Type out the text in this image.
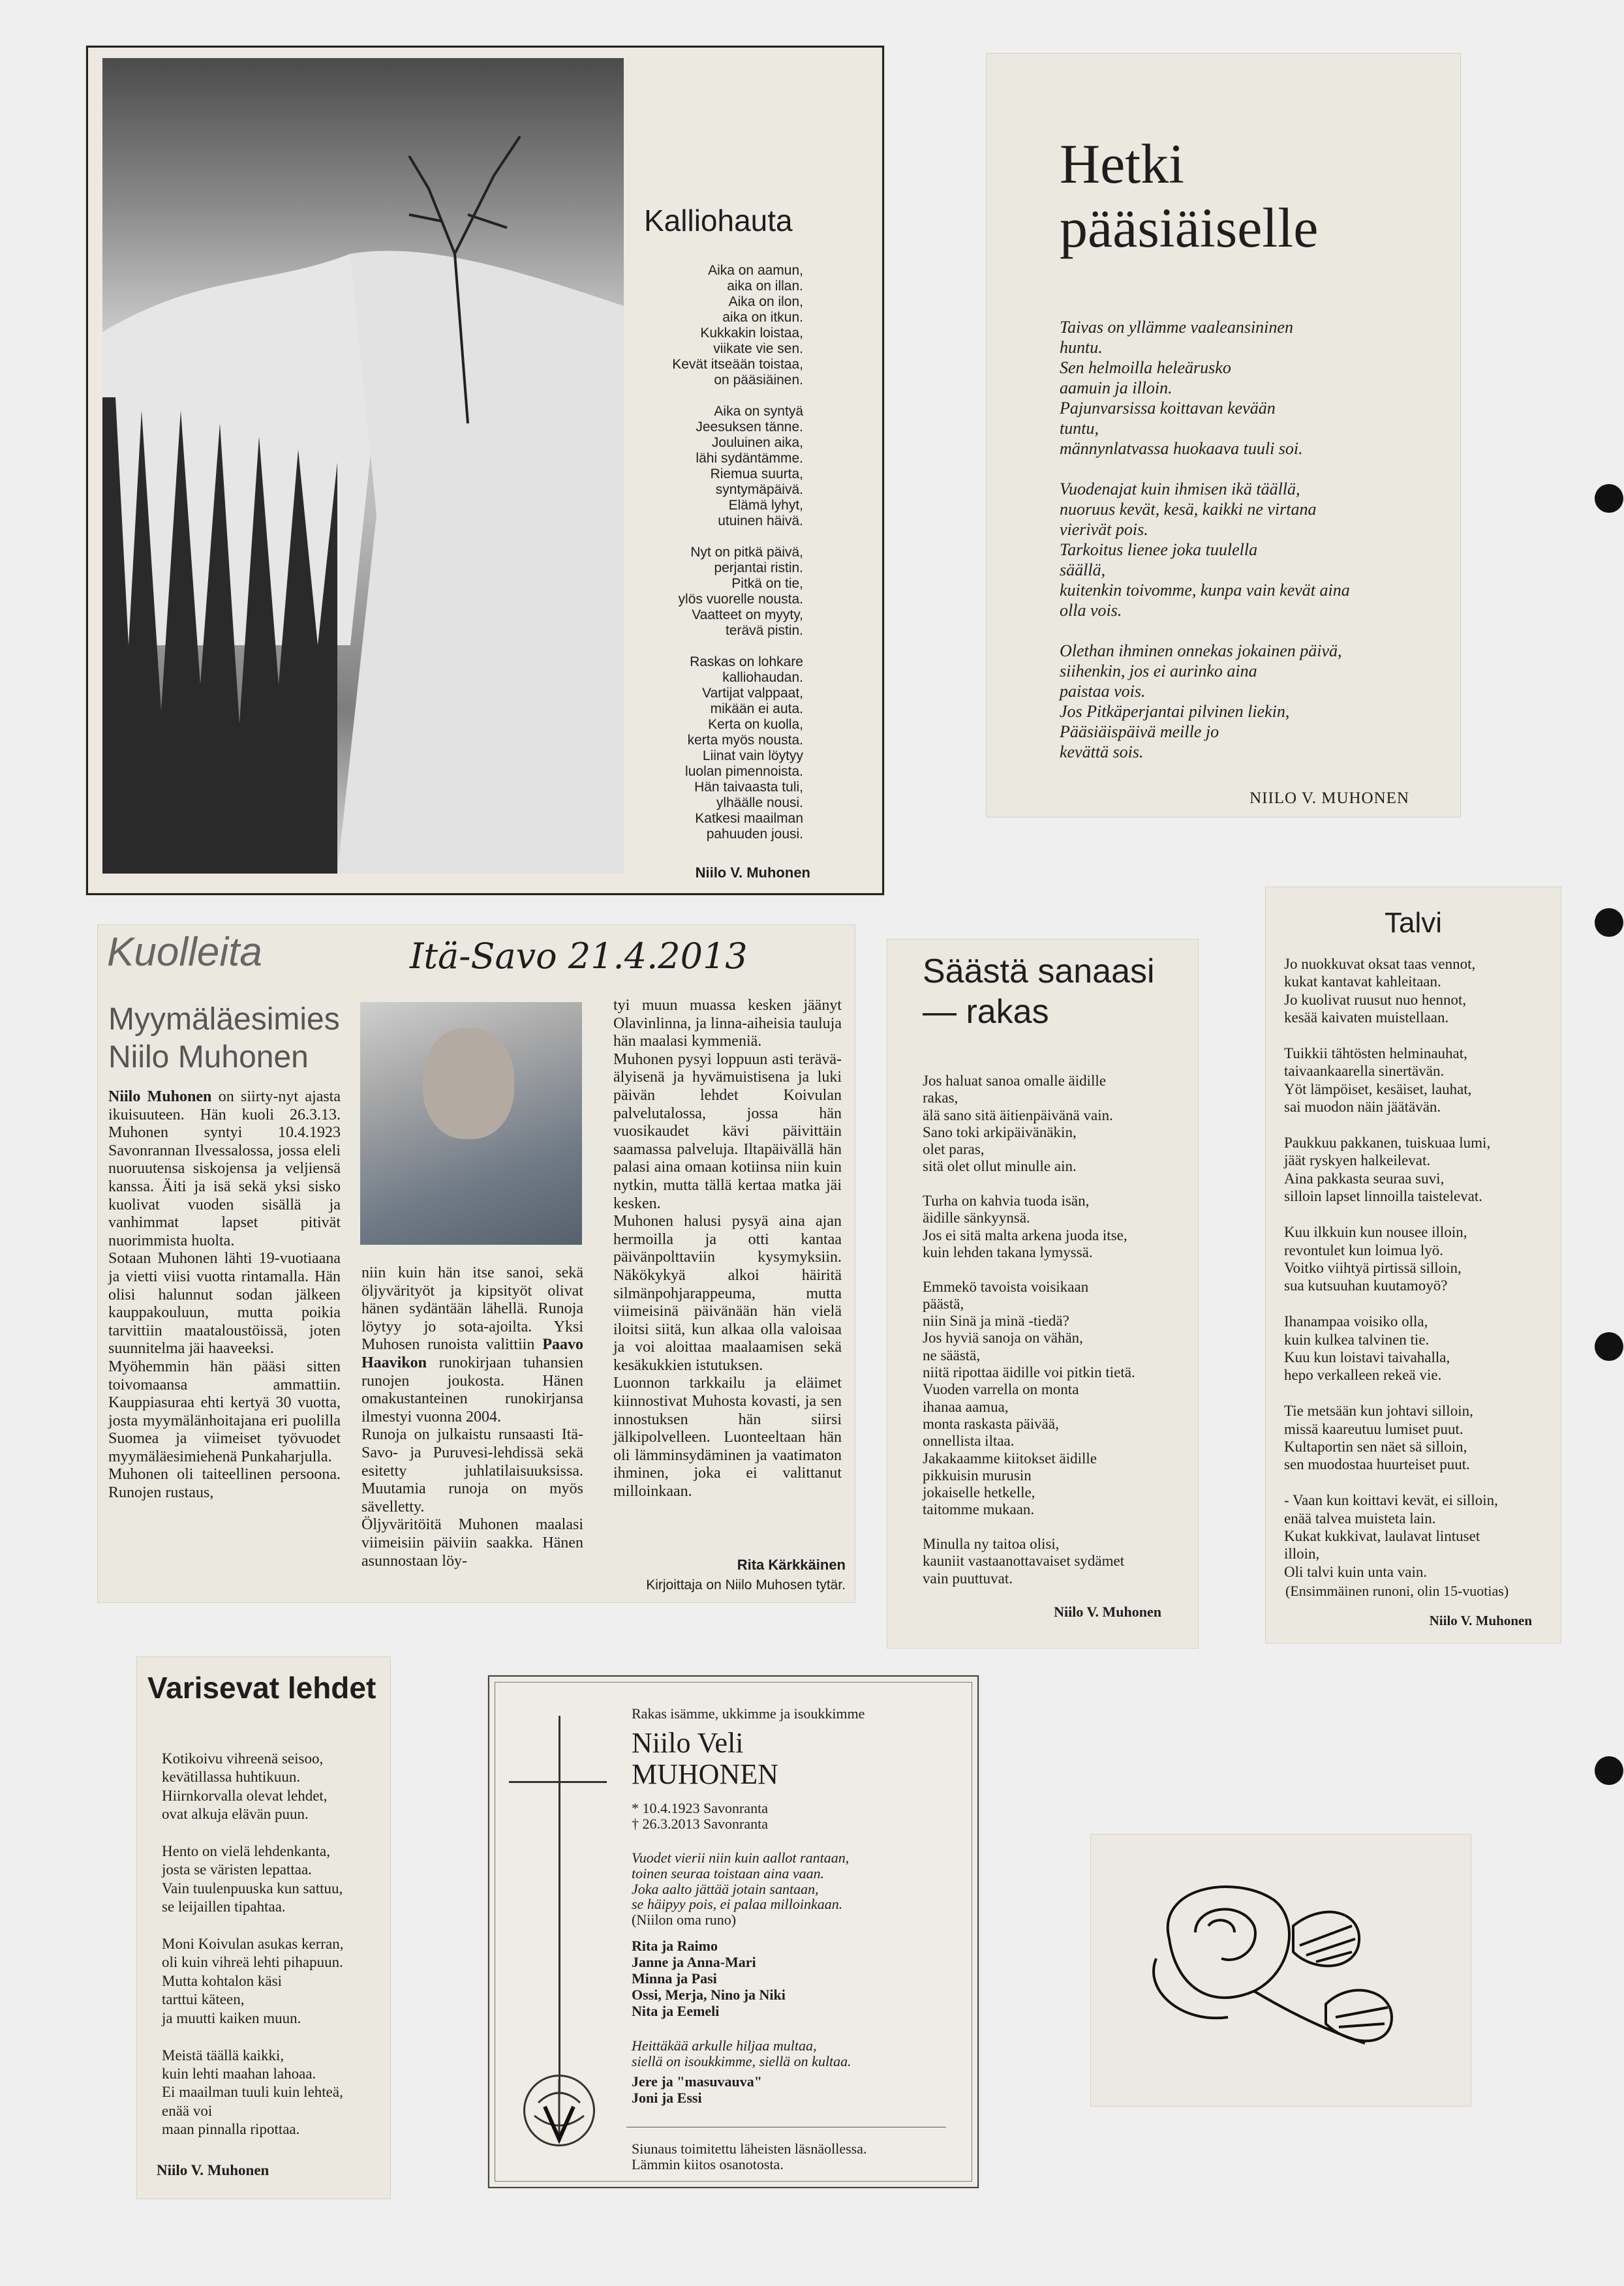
Kalliohauta
Aika on aamun,
aika on illan.
Aika on ilon,
aika on itkun.
Kukkakin loistaa,
viikate vie sen.
Kevät itseään toistaa,
on pääsiäinen.

Aika on syntyä
Jeesuksen tänne.
Jouluinen aika,
lähi sydäntämme.
Riemua suurta,
syntymäpäivä.
Elämä lyhyt,
utuinen häivä.

Nyt on pitkä päivä,
perjantai ristin.
Pitkä on tie,
ylös vuorelle nousta.
Vaatteet on myyty,
terävä pistin.

Raskas on lohkare
kalliohaudan.
Vartijat valppaat,
mikään ei auta.
Kerta on kuolla,
kerta myös nousta.
Liinat vain löytyy
luolan pimennoista.
Hän taivaasta tuli,
ylhäälle nousi.
Katkesi maailman
pahuuden jousi.
Niilo V. Muhonen
Hetki pääsiäiselle
Taivas on yllämme vaaleansininen
huntu.
Sen helmoilla heleärusko
aamuin ja illoin.
Pajunvarsissa koittavan kevään
tuntu,
männynlatvassa huokaava tuuli soi.

Vuodenajat kuin ihmisen ikä täällä,
nuoruus kevät, kesä, kaikki ne virtana
vierivät pois.
Tarkoitus lienee joka tuulella
säällä,
kuitenkin toivomme, kunpa vain kevät aina
olla vois.

Olethan ihminen onnekas jokainen päivä,
siihenkin, jos ei aurinko aina
paistaa vois.
Jos Pitkäperjantai pilvinen liekin,
Pääsiäispäivä meille jo
kevättä sois.
NIILO V. MUHONEN
Kuolleita	Itä-Savo 21.4.2013
Myymäläesimies
Niilo Muhonen
Niilo Muhonen on siirty-nyt ajasta ikuisuuteen. Hän kuoli 26.3.13. Muhonen syntyi 10.4.1923 Savonrannan Ilvessalossa, jossa eleli nuoruutensa siskojensa ja veljiensä kanssa. Äiti ja isä sekä yksi sisko kuolivat vuoden sisällä ja vanhimmat lapset pitivät nuorimmista huolta.
Sotaan Muhonen lähti 19-vuotiaana ja vietti viisi vuotta rintamalla. Hän olisi halunnut sodan jälkeen kauppakouluun, mutta poikia tarvittiin maataloustöissä, joten suunnitelma jäi haaveeksi.
Myöhemmin hän pääsi sitten toivomaansa ammattiin. Kauppiasuraa ehti kertyä 30 vuotta, josta myymälänhoitajana eri puolilla Suomea ja viimeiset työvuodet myymäläesimiehenä Punkaharjulla.
Muhonen oli taiteellinen persoona. Runojen rustaus,
niin kuin hän itse sanoi, sekä öljyvärityöt ja kipsityöt olivat hänen sydäntään lähellä. Runoja löytyy jo sota-ajoilta. Yksi Muhosen runoista valittiin Paavo Haavikon runokirjaan tuhansien runojen joukosta. Hänen omakustanteinen runokirjansa ilmestyi vuonna 2004.
Runoja on julkaistu runsaasti Itä-Savo- ja Puruvesi-lehdissä sekä esitetty juhlatilaisuuksissa. Muutamia runoja on myös sävelletty.
Öljyväritöitä Muhonen maalasi viimeisiin päiviin saakka. Hänen asunnostaan löy-
tyi muun muassa kesken jäänyt Olavinlinna, ja linna-aiheisia tauluja hän maalasi kymmeniä.
Muhonen pysyi loppuun asti terävä-älyisenä ja hyvämuistisena ja luki päivän lehdet Koivulan palvelutalossa, jossa hän vuosikaudet kävi päivittäin saamassa palveluja. Iltapäivällä hän palasi aina omaan kotiinsa niin kuin nytkin, mutta tällä kertaa matka jäi kesken.
Muhonen halusi pysyä aina ajan hermoilla ja otti kantaa päivänpolttaviin kysymyksiin. Näkökykyä alkoi häiritä silmänpohjarappeuma, mutta viimeisinä päivänään hän vielä iloitsi siitä, kun alkaa olla valoisaa ja voi aloittaa maalaamisen sekä kesäkukkien istutuksen.
Luonnon tarkkailu ja eläimet kiinnostivat Muhosta kovasti, ja sen innostuksen hän siirsi jälkipolvelleen. Luonteeltaan hän oli lämminsydäminen ja vaatimaton ihminen, joka ei valittanut milloinkaan.
Rita Kärkkäinen
Kirjoittaja on Niilo Muhosen tytär.
Säästä sanaasi
— rakas
Jos haluat sanoa omalle äidille
rakas,
älä sano sitä äitienpäivänä vain.
Sano toki arkipäivänäkin,
olet paras,
sitä olet ollut minulle ain.

Turha on kahvia tuoda isän,
äidille sänkyynsä.
Jos ei sitä malta arkena juoda itse,
kuin lehden takana lymyssä.

Emmekö tavoista voisikaan
päästä,
niin Sinä ja minä -tiedä?
Jos hyviä sanoja on vähän,
ne säästä,
niitä ripottaa äidille voi pitkin tietä.
Vuoden varrella on monta
ihanaa aamua,
monta raskasta päivää,
onnellista iltaa.
Jakakaamme kiitokset äidille
pikkuisin murusin
jokaiselle hetkelle,
taitomme mukaan.

Minulla ny taitoa olisi,
kauniit vastaanottavaiset sydämet
vain puuttuvat.
Niilo V. Muhonen
Talvi
Jo nuokkuvat oksat taas vennot,
kukat kantavat kahleitaan.
Jo kuolivat ruusut nuo hennot,
kesää kaivaten muistellaan.

Tuikkii tähtösten helminauhat,
taivaankaarella sinertävän.
Yöt lämpöiset, kesäiset, lauhat,
sai muodon näin jäätävän.

Paukkuu pakkanen, tuiskuaa lumi,
jäät ryskyen halkeilevat.
Aina pakkasta seuraa suvi,
silloin lapset linnoilla taistelevat.

Kuu ilkkuin kun nousee illoin,
revontulet kun loimua lyö.
Voitko viihtyä pirtissä silloin,
sua kutsuuhan kuutamoyö?

Ihanampaa voisiko olla,
kuin kulkea talvinen tie.
Kuu kun loistavi taivahalla,
hepo verkalleen rekeä vie.

Tie metsään kun johtavi silloin,
missä kaareutuu lumiset puut.
Kultaportin sen näet sä silloin,
sen muodostaa huurteiset puut.

- Vaan kun koittavi kevät, ei silloin,
enää talvea muisteta lain.
Kukat kukkivat, laulavat lintuset
illoin,
Oli talvi kuin unta vain.
(Ensimmäinen runoni, olin 15-vuotias)
Niilo V. Muhonen
Varisevat lehdet
Kotikoivu vihreenä seisoo,
kevätillassa huhtikuun.
Hiirnkorvalla olevat lehdet,
ovat alkuja elävän puun.

Hento on vielä lehdenkanta,
josta se väristen lepattaa.
Vain tuulenpuuska kun sattuu,
se leijaillen tipahtaa.

Moni Koivulan asukas kerran,
oli kuin vihreä lehti pihapuun.
Mutta kohtalon käsi
tarttui käteen,
ja muutti kaiken muun.

Meistä täällä kaikki,
kuin lehti maahan lahoaa.
Ei maailman tuuli kuin lehteä,
enää voi
maan pinnalla ripottaa.
Niilo V. Muhonen
Rakas isämme, ukkimme ja isoukkimme
Niilo Veli
MUHONEN
* 10.4.1923 Savonranta
† 26.3.2013 Savonranta
Vuodet vierii niin kuin aallot rantaan,
toinen seuraa toistaan aina vaan.
Joka aalto jättää jotain santaan,
se häipyy pois, ei palaa milloinkaan.
(Niilon oma runo)
Rita ja Raimo
Janne ja Anna-Mari
Minna ja Pasi
Ossi, Merja, Nino ja Niki
Nita ja Eemeli
Heittäkää arkulle hiljaa multaa,
siellä on isoukkimme, siellä on kultaa.
Jere ja "masuvauva"
Joni ja Essi
Siunaus toimitettu läheisten läsnäollessa.
Lämmin kiitos osanotosta.
